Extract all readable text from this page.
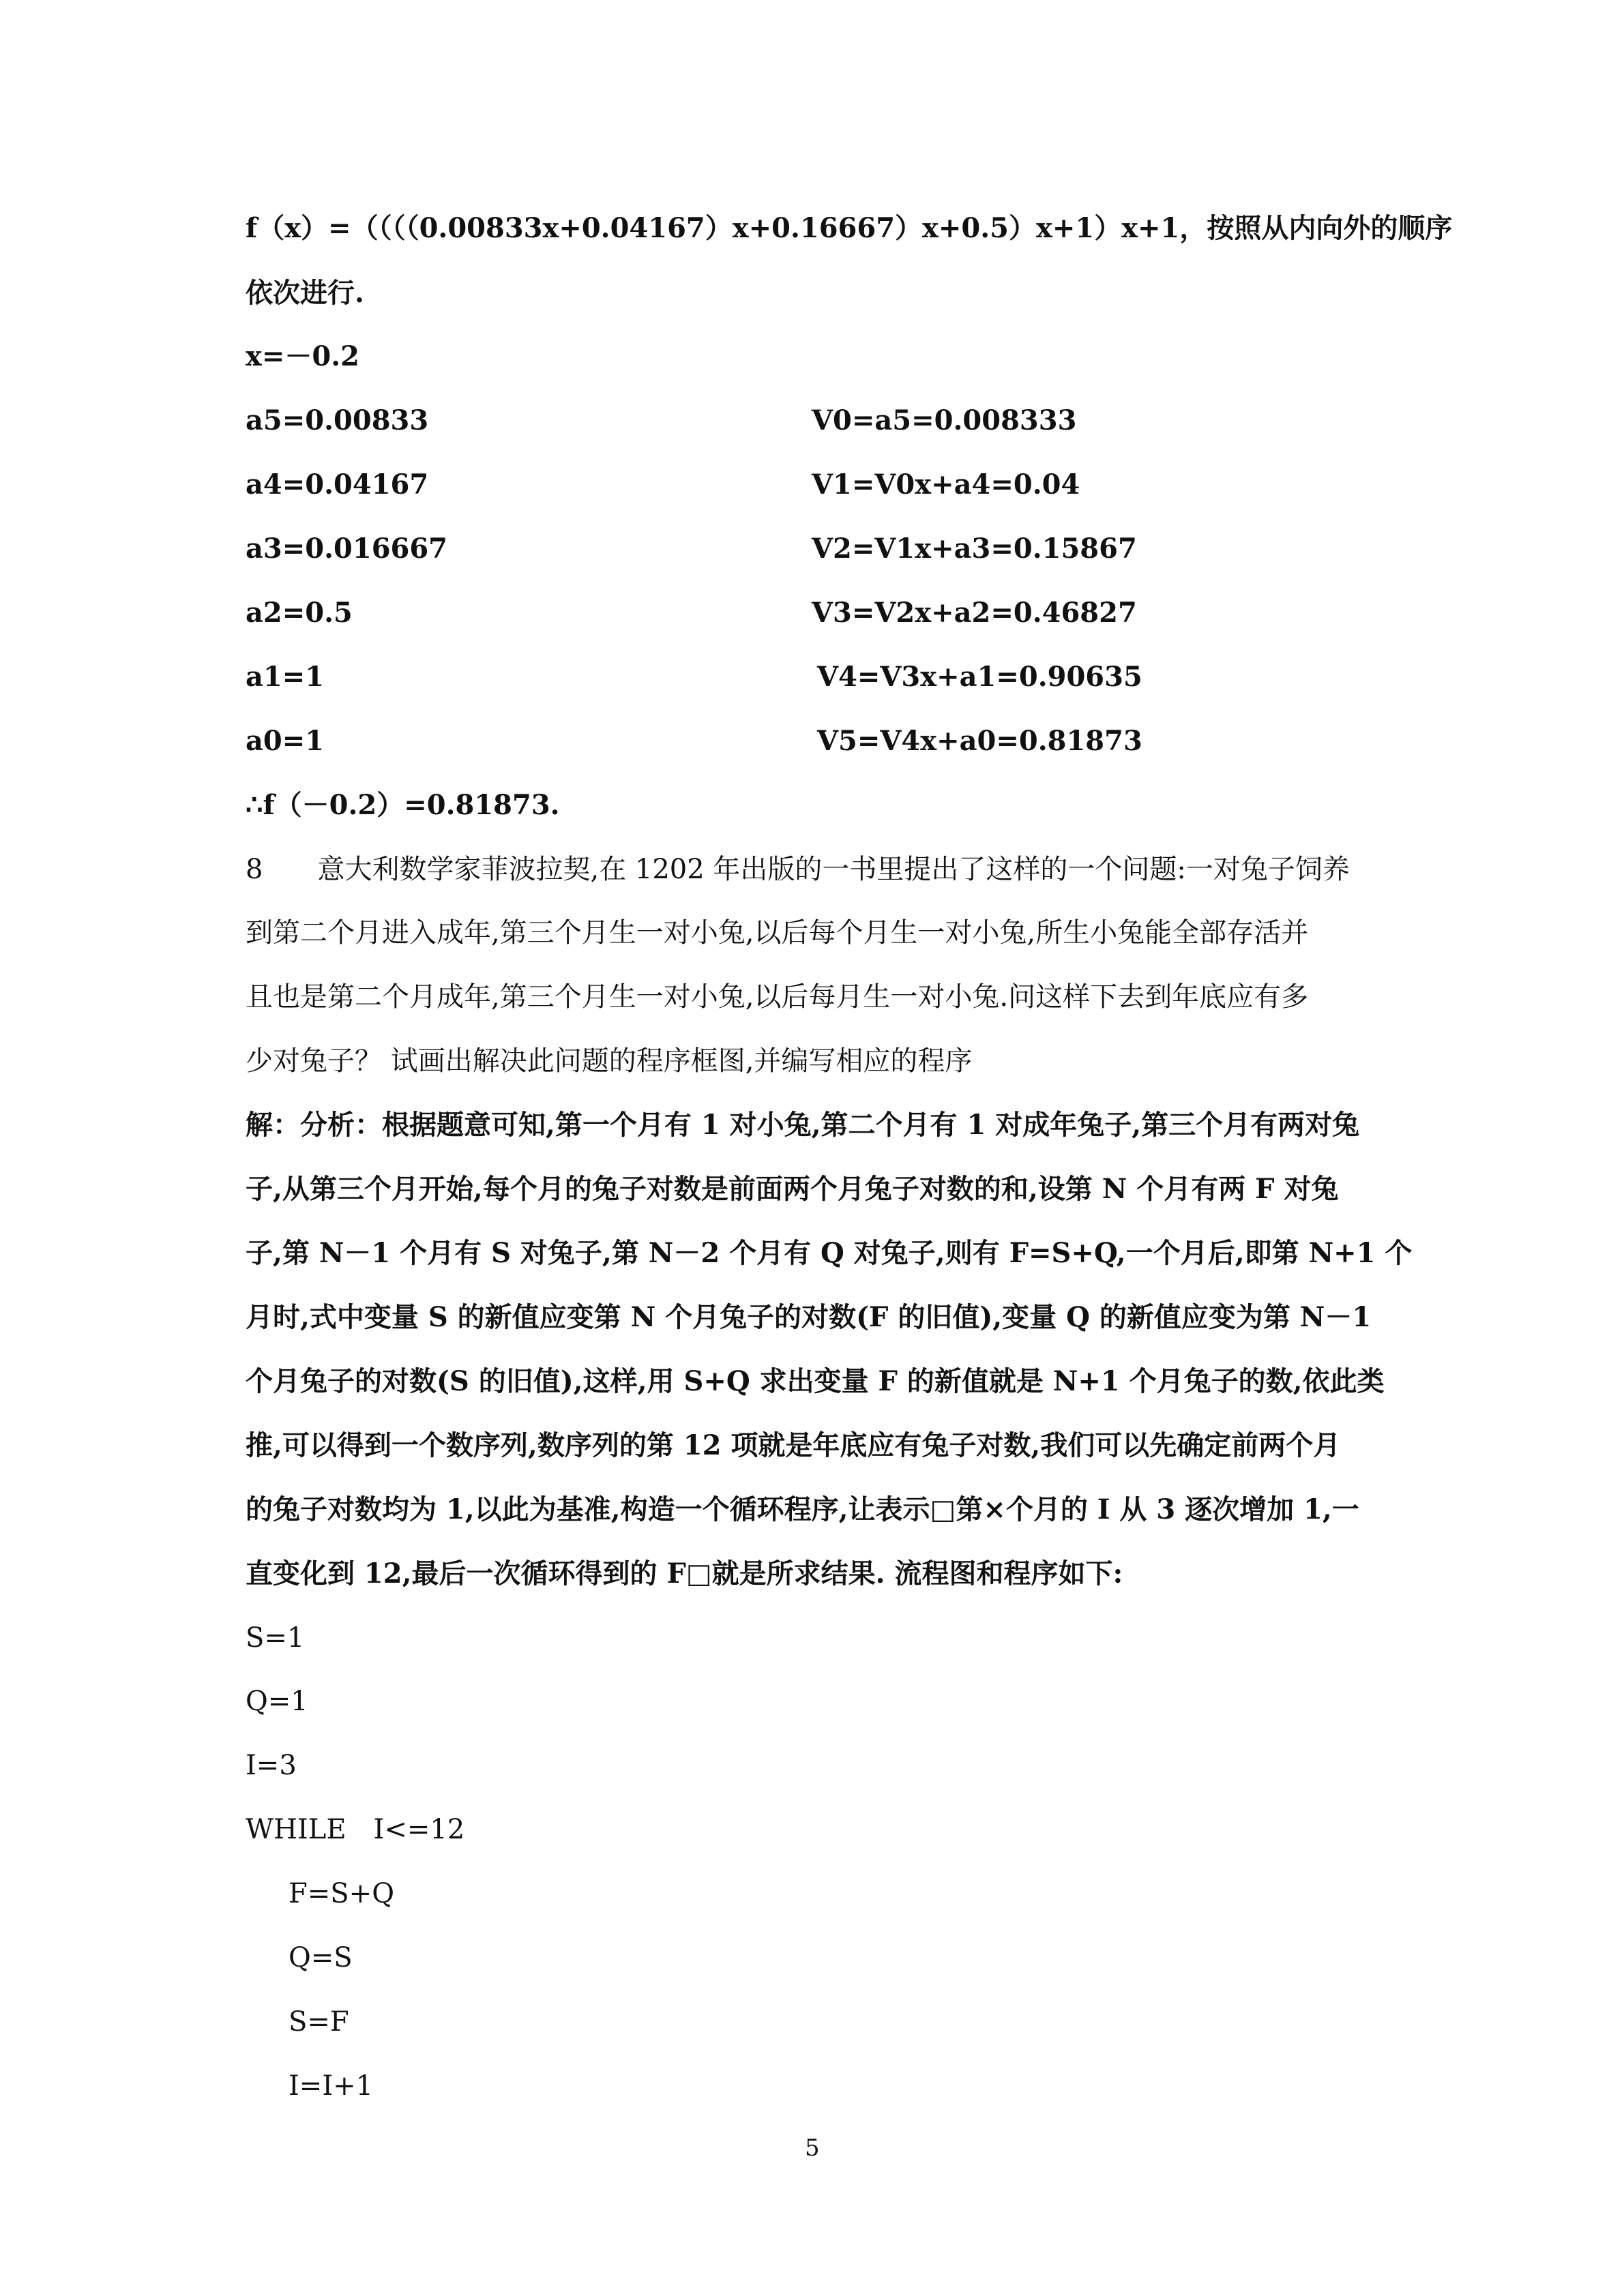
f（x）=（（（（0.00833x+0.04167）x+0.16667）x+0.5）x+1）x+1，按照从内向外的顺序
依次进行.
x=－0.2
a5=0.00833	V0=a5=0.008333
a4=0.04167	V1=V0x+a4=0.04
a3=0.016667	V2=V1x+a3=0.15867
a2=0.5	V3=V2x+a2=0.46827
a1=1	V4=V3x+a1=0.90635
a0=1	V5=V4x+a0=0.81873
∴f（－0.2）=0.81873.
8　　意大利数学家菲波拉契,在 1202 年出版的一书里提出了这样的一个问题:一对兔子饲养
到第二个月进入成年,第三个月生一对小兔,以后每个月生一对小兔,所生小兔能全部存活并
且也是第二个月成年,第三个月生一对小兔,以后每月生一对小兔.问这样下去到年底应有多
少对兔子？ 试画出解决此问题的程序框图,并编写相应的程序
解：分析：根据题意可知,第一个月有 1 对小兔,第二个月有 1 对成年兔子,第三个月有两对兔
子,从第三个月开始,每个月的兔子对数是前面两个月兔子对数的和,设第 N 个月有两 F 对兔
子,第 N－1 个月有 S 对兔子,第 N－2 个月有 Q 对兔子,则有 F=S+Q,一个月后,即第 N+1 个
月时,式中变量 S 的新值应变第 N 个月兔子的对数(F 的旧值),变量 Q 的新值应变为第 N－1
个月兔子的对数(S 的旧值),这样,用 S+Q 求出变量 F 的新值就是 N+1 个月兔子的数,依此类
推,可以得到一个数序列,数序列的第 12 项就是年底应有兔子对数,我们可以先确定前两个月
的兔子对数均为 1,以此为基准,构造一个循环程序,让表示□第×个月的 I 从 3 逐次增加 1,一
直变化到 12,最后一次循环得到的 F□就是所求结果. 流程图和程序如下:
S=1
Q=1
I=3
WHILE　I<=12
F=S+Q
Q=S
S=F
I=I+1
5
